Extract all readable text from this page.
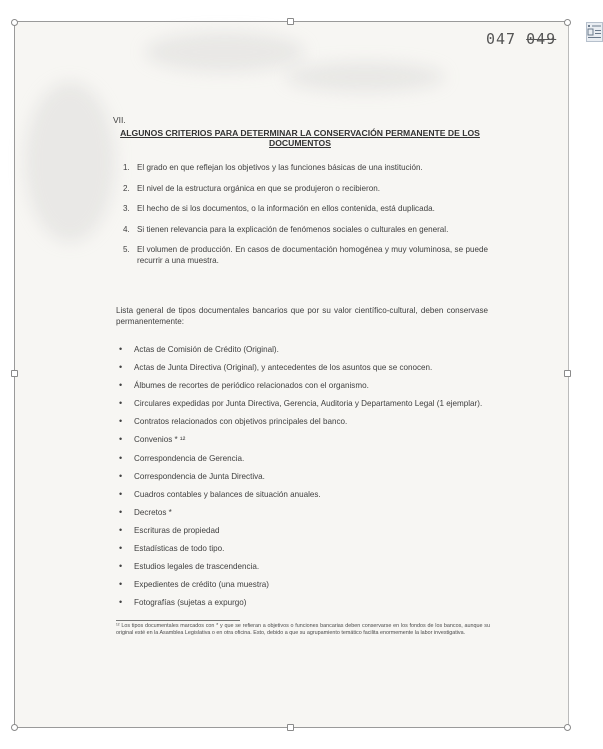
047 049
VII.
ALGUNOS CRITERIOS PARA DETERMINAR LA CONSERVACIÓN PERMANENTE DE LOS DOCUMENTOS
1. El grado en que reflejan los objetivos y las funciones básicas de una institución.
2. El nivel de la estructura orgánica en que se produjeron o recibieron.
3. El hecho de si los documentos, o la información en ellos contenida, está duplicada.
4. Si tienen relevancia para la explicación de fenómenos sociales o culturales en general.
5. El volumen de producción. En casos de documentación homogénea y muy voluminosa, se puede recurrir a una muestra.
Lista general de tipos documentales bancarios que por su valor científico-cultural, deben conservase permanentemente:
• Actas de Comisión de Crédito (Original).
• Actas de Junta Directiva (Original), y antecedentes de los asuntos que se conocen.
• Álbumes de recortes de periódico relacionados con el organismo.
• Circulares expedidas por Junta Directiva, Gerencia, Auditoria y Departamento Legal (1 ejemplar).
• Contratos relacionados con objetivos principales del banco.
• Convenios * ¹²
• Correspondencia de Gerencia.
• Correspondencia de Junta Directiva.
• Cuadros contables y balances de situación anuales.
• Decretos *
• Escrituras de propiedad
• Estadísticas de todo tipo.
• Estudios legales de trascendencia.
• Expedientes de crédito (una muestra)
• Fotografías (sujetas a expurgo)
¹² Los tipos documentales marcados con * y que se refieran a objetivos o funciones bancarias deben conservarse en los fondos de los bancos, aunque su original esté en la Asamblea Legislativa o en otra oficina. Esto, debido a que su agrupamiento temático facilita enormemente la labor investigativa.
